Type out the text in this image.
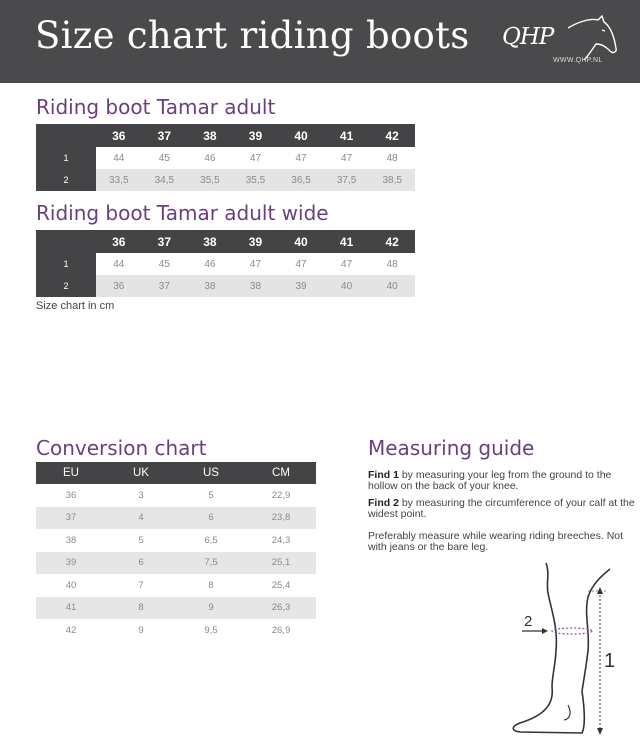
Size chart riding boots QHP
WWW.QHP.NL
Riding boot Tamar adult
	36	37	38	39	40	41	42
1	44	45	46	47	47	47	48
2	33,5	34,5	35,5	35,5	36,5	37,5	38,5
Riding boot Tamar adult wide
	36	37	38	39	40	41	42
1	44	45	46	47	47	47	48
2	36	37	38	38	39	40	40
Size chart in cm
Conversion chart
EU	UK	US	CM
36	3	5	22,9
37	4	6	23,8
38	5	6,5	24,3
39	6	7,5	25,1
40	7	8	25,4
41	8	9	26,3
42	9	9,5	26,9
Measuring guide
Find 1 by measuring your leg from the ground to the hollow on the back of your knee.
Find 2 by measuring the circumference of your calf at the widest point.
Preferably measure while wearing riding breeches. Not with jeans or the bare leg.
2
1
